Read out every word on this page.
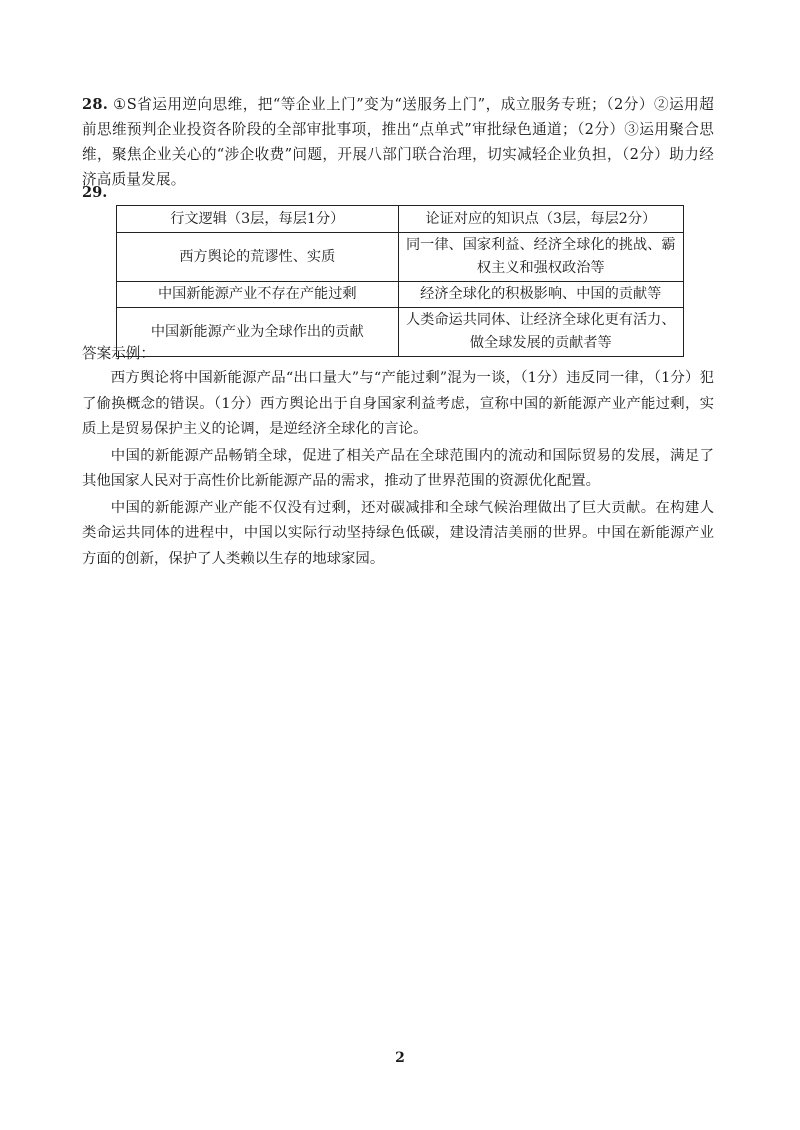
28. ①S省运用逆向思维，把“等企业上门”变为“送服务上门”，成立服务专班；（2分）②运用超前思维预判企业投资各阶段的全部审批事项，推出“点单式”审批绿色通道；（2分）③运用聚合思维，聚焦企业关心的“涉企收费”问题，开展八部门联合治理，切实减轻企业负担，（2分）助力经济高质量发展。
29.
行文逻辑（3层，每层1分）	论证对应的知识点（3层，每层2分）
西方舆论的荒谬性、实质	同一律、国家利益、经济全球化的挑战、霸权主义和强权政治等
中国新能源产业不存在产能过剩	经济全球化的积极影响、中国的贡献等
中国新能源产业为全球作出的贡献	人类命运共同体、让经济全球化更有活力、做全球发展的贡献者等
答案示例：

西方舆论将中国新能源产品“出口量大”与“产能过剩”混为一谈，（1分）违反同一律，（1分）犯了偷换概念的错误。（1分）西方舆论出于自身国家利益考虑，宣称中国的新能源产业产能过剩，实质上是贸易保护主义的论调，是逆经济全球化的言论。

中国的新能源产品畅销全球，促进了相关产品在全球范围内的流动和国际贸易的发展，满足了其他国家人民对于高性价比新能源产品的需求，推动了世界范围的资源优化配置。

中国的新能源产业产能不仅没有过剩，还对碳减排和全球气候治理做出了巨大贡献。在构建人类命运共同体的进程中，中国以实际行动坚持绿色低碳，建设清洁美丽的世界。中国在新能源产业方面的创新，保护了人类赖以生存的地球家园。

2
